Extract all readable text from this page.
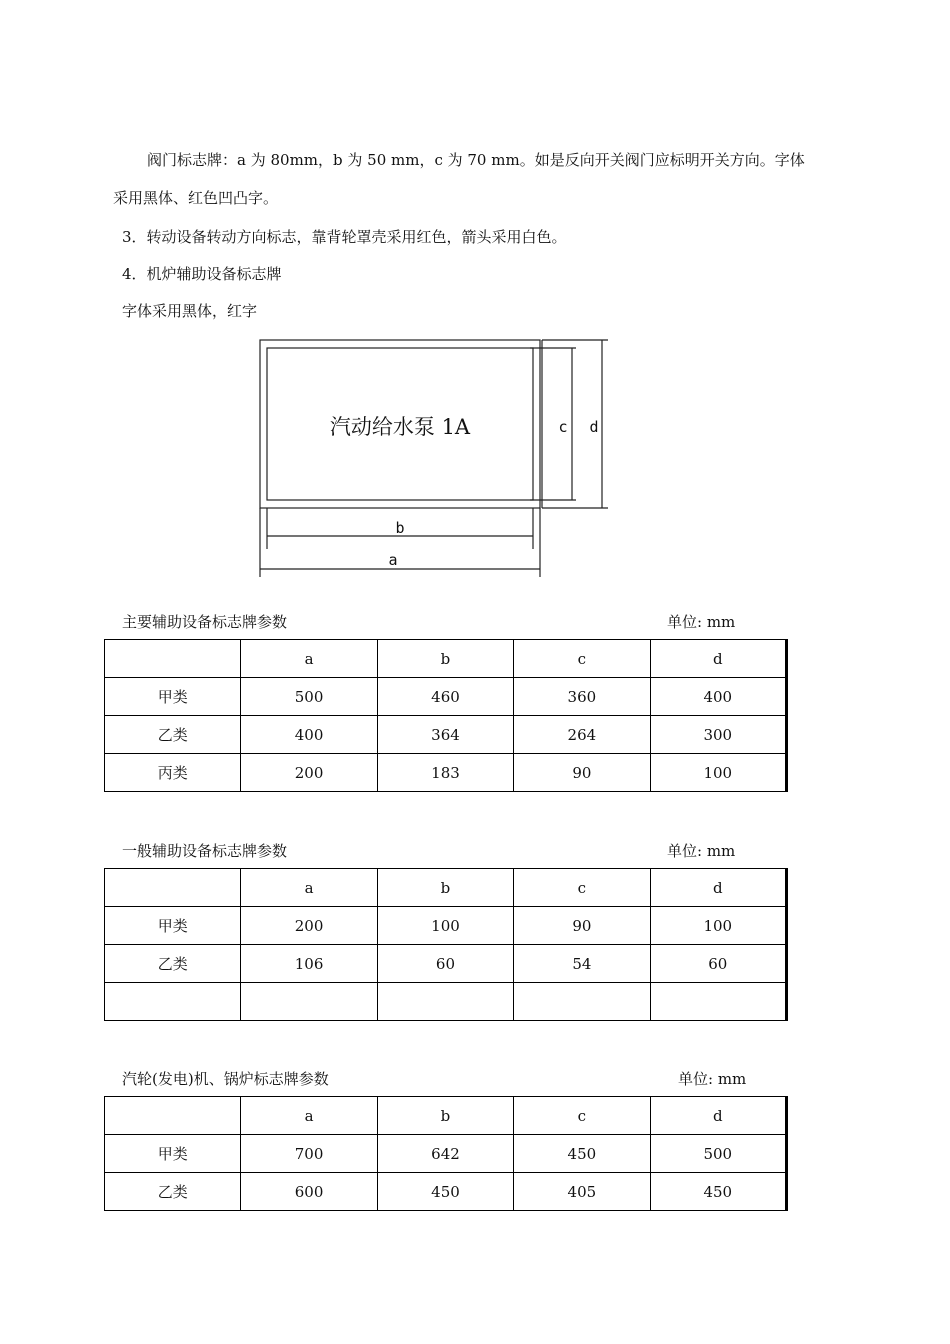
阀门标志牌：a 为 80mm，b 为 50 mm，c 为 70 mm。如是反向开关阀门应标明开关方向。字体
采用黑体、红色凹凸字。

3．转动设备转动方向标志，靠背轮罩壳采用红色，箭头采用白色。
4．机炉辅助设备标志牌
字体采用黑体，红字
汽动给水泵 1A	c d
b
a
主要辅助设备标志牌参数	单位: mm
	a	b	c	d
甲类	500	460	360	400
乙类	400	364	264	300
丙类	200	183	90	100
一般辅助设备标志牌参数	单位: mm
	a	b	c	d
甲类	200	100	90	100
乙类	106	60	54	60

汽轮(发电)机、锅炉标志牌参数	单位: mm
	a	b	c	d
甲类	700	642	450	500
乙类	600	450	405	450
